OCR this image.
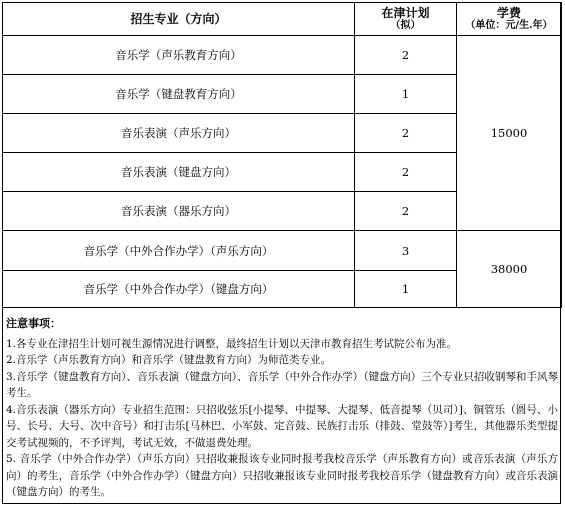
招生专业（方向）	在津计划
（拟）	学费
（单位：元/生.年）

音乐学（声乐教育方向）	2	15000
音乐学（键盘教育方向）	1	
音乐表演（声乐方向）	2	
音乐表演（键盘方向）	2	
音乐表演（器乐方向）	2	
音乐学（中外合作办学）（声乐方向）	3	38000
音乐学（中外合作办学）（键盘方向）	1	
注意事项：

1.各专业在津招生计划可视生源情况进行调整，最终招生计划以天津市教育招生考试院公布为准。

2.音乐学（声乐教育方向）和音乐学（键盘教育方向）为师范类专业。

3.音乐学（键盘教育方向）、音乐表演（键盘方向）、音乐学（中外合作办学）（键盘方向）三个专业只招收钢琴和手风琴考生。

4.音乐表演（器乐方向）专业招生范围：只招收弦乐[小提琴、中提琴、大提琴、低音提琴（贝司）]、铜管乐（圆号、小号、长号、大号、次中音号）和打击乐[马林巴、小军鼓、定音鼓、民族打击乐（排鼓、堂鼓等）]考生，其他器乐类型提交考试视频的，不予评判，考试无效，不做退费处理。

5. 音乐学（中外合作办学）（声乐方向）只招收兼报该专业同时报考我校音乐学（声乐教育方向）或音乐表演（声乐方向）的考生，音乐学（中外合作办学）（键盘方向）只招收兼报该专业同时报考我校音乐学（键盘教育方向）或音乐表演（键盘方向）的考生。
